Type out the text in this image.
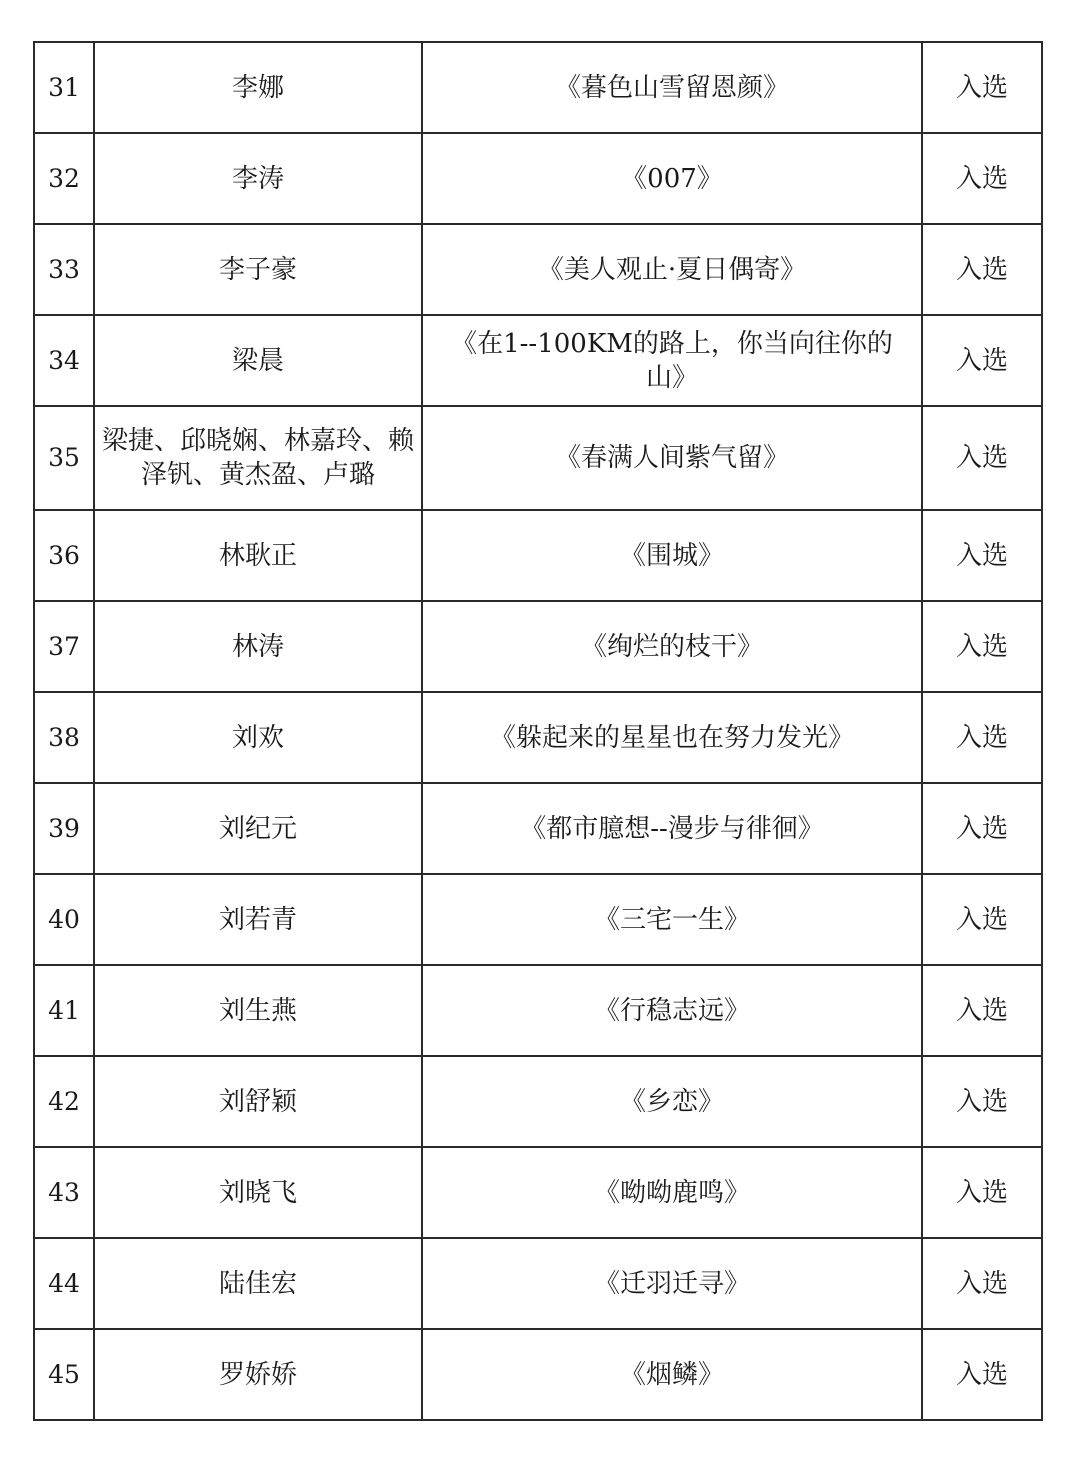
31	李娜	《暮色山雪留恩颜》	入选
32	李涛	《007》	入选
33	李子豪	《美人观止·夏日偶寄》	入选
34	梁晨	《在1--100KM的路上，你当向往你的山》	入选
35	梁捷、邱晓娴、林嘉玲、赖泽钒、黄杰盈、卢璐	《春满人间紫气留》	入选
36	林耿正	《围城》	入选
37	林涛	《绚烂的枝干》	入选
38	刘欢	《躲起来的星星也在努力发光》	入选
39	刘纪元	《都市臆想--漫步与徘徊》	入选
40	刘若青	《三宅一生》	入选
41	刘生燕	《行稳志远》	入选
42	刘舒颖	《乡恋》	入选
43	刘晓飞	《呦呦鹿鸣》	入选
44	陆佳宏	《迁羽迁寻》	入选
45	罗娇娇	《烟鳞》	入选
